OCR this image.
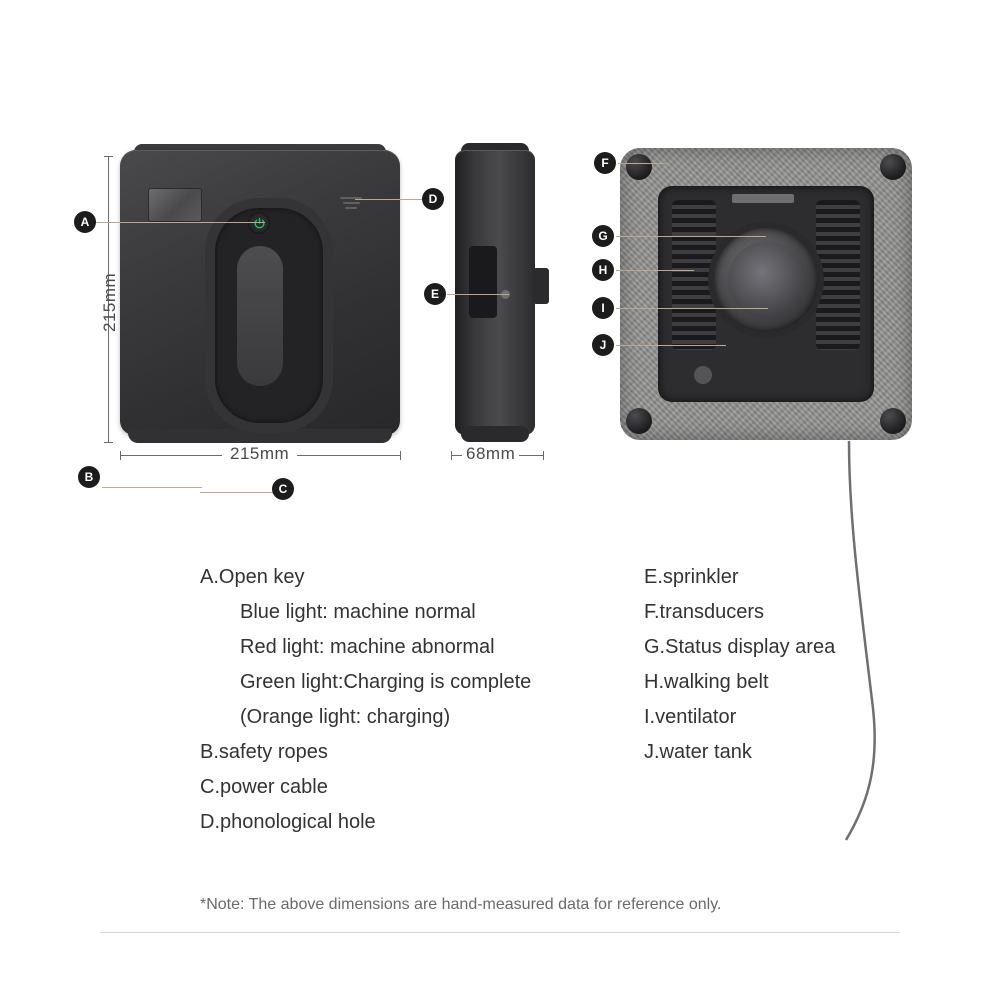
215mm
215mm	68mm
A
D
B
C
E
F
G
H
I
J
A.Open key
Blue light: machine normal
Red light: machine abnormal
Green light:Charging is complete
(Orange light: charging)
B.safety ropes
C.power cable
D.phonological hole
E.sprinkler
F.transducers
G.Status display area
H.walking belt
I.ventilator
J.water tank
*Note: The above dimensions are hand-measured data for reference only.
